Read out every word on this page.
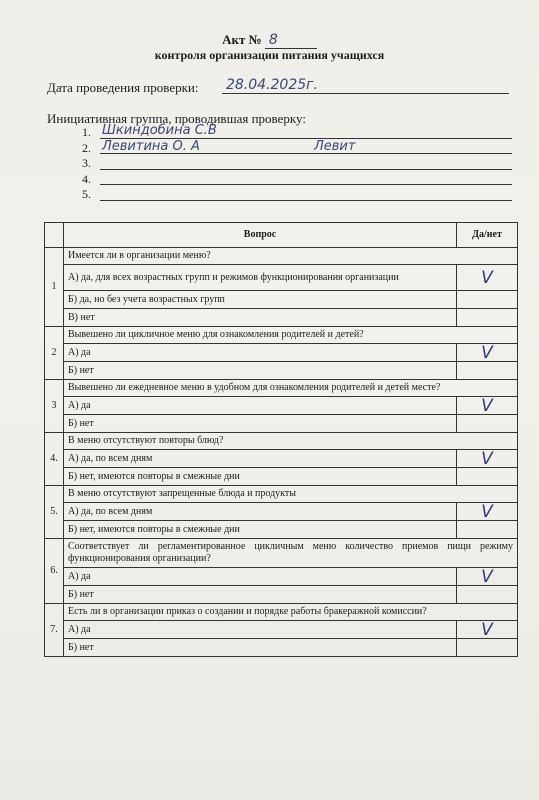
Акт № 8
контроля организации питания учащихся
Дата проведения проверки: 28.04.2025г.
Инициативная группа, проводившая проверку:
1. Шкиндобина С.В
2. Левитина О. А	Левит
3.
4.
5.
	Вопрос	Да/нет
1	Имеется ли в организации меню?	
	А) да, для всех возрастных групп и режимов функционирования организации	V
	Б) да, но без учета возрастных групп	
	В) нет	
2	Вывешено ли цикличное меню для ознакомления родителей и детей?	
	А) да	V
	Б) нет	
3	Вывешено ли ежедневное меню в удобном для ознакомления родителей и детей месте?	
	А) да	V
	Б) нет	
4.	В меню отсутствуют повторы блюд?	
	А) да, по всем дням	V
	Б) нет, имеются повторы в смежные дни	
5.	В меню отсутствуют запрещенные блюда и продукты	
	А) да, по всем дням	V
	Б) нет, имеются повторы в смежные дни	
6.	Соответствует ли регламентированное цикличным меню количество приемов пищи режиму функционирования организации?	
	А) да	V
	Б) нет	
7.	Есть ли в организации приказ о создании и порядке работы бракеражной комиссии?	
	А) да	V
	Б) нет	
